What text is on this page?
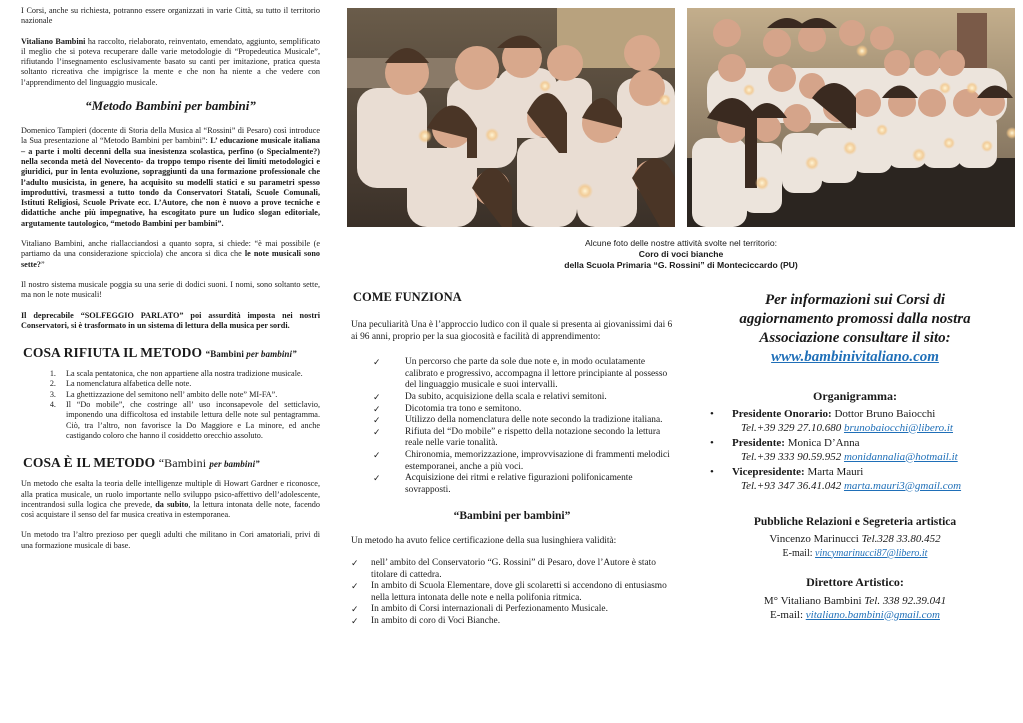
I Corsi, anche su richiesta, potranno essere organizzati in varie Città, su tutto il territorio nazionale

Vitaliano Bambini ha raccolto, rielaborato, reinventato, emendato, aggiunto, semplificato il meglio che si poteva recuperare dalle varie metodologie di “Propedeutica Musicale”, rifiutando l’insegnamento esclusivamente basato su canti per imitazione, pratica questa soltanto ricreativa che impigrisce la mente e che non ha niente a che vedere con l’apprendimento del linguaggio musicale.

“Metodo Bambini per bambini”

Domenico Tampieri (docente di Storia della Musica al “Rossini” di Pesaro) così introduce la Sua presentazione al “Metodo Bambini per bambini”: L’ educazione musicale italiana – a parte i molti decenni della sua inesistenza scolastica, perfino (o Specialmente?) nella seconda metà del Novecento- da troppo tempo risente dei limiti metodologici e giuridici, pur in lenta evoluzione, sopraggiunti da una formazione professionale che l’adulto musicista, in genere, ha acquisito su modelli statici e su parametri spesso improduttivi, trasmessi a tutto tondo da Conservatori Statali, Scuole Comunali, Istituti Religiosi, Scuole Private ecc. L’Autore, che non è nuovo a prove tecniche e didattiche anche più impegnative, ha escogitato pure un ludico slogan editoriale, argutamente tautologico, “metodo Bambini per bambini”.

Vitaliano Bambini, anche riallacciandosi a quanto sopra, si chiede: “è mai possibile (e partiamo da una considerazione spicciola) che ancora si dica che le note musicali sono sette?”

Il nostro sistema musicale poggia su una serie di dodici suoni. I nomi, sono soltanto sette, ma non le note musicali!

Il deprecabile “SOLFEGGIO PARLATO” poi assurdità imposta nei nostri Conservatori, si è trasformato in un sistema di lettura della musica per sordi.

COSA RIFIUTA IL METODO “Bambini per bambini”
1. La scala pentatonica, che non appartiene alla nostra tradizione musicale.
2. La nomenclatura alfabetica delle note.
3. La ghettizzazione del semitono nell’ ambito delle note” MI-FA”.
4. Il “Do mobile”, che costringe all’ uso inconsapevole del setticlavio, imponendo una difficoltosa ed instabile lettura delle note sul pentagramma. Ciò, tra l’altro, non favorisce la Do Maggiore e La minore, ed anche castigando coloro che hanno il cosiddetto orecchio assoluto.
COSA È IL METODO “Bambini per bambini”

Un metodo che esalta la teoria delle intelligenze multiple di Howart Gardner e riconosce, alla pratica musicale, un ruolo importante nello sviluppo psico-affettivo dell’adolescente, incentrandosi sulla logica che prevede, da subito, la lettura intonata delle note, facendo così acquistare il senso del far musica creativa in estemporanea.

Un metodo tra l’altro prezioso per quegli adulti che militano in Cori amatoriali, privi di una formazione musicale di base.

Alcune foto delle nostre attività svolte nel territorio:
Coro di voci bianche
della Scuola Primaria “G. Rossini” di Monteciccardo (PU)
COME FUNZIONA

Una peculiarità Una è l’approccio ludico con il quale si presenta ai giovanissimi dai 6 ai 96 anni, proprio per la sua giocosità e facilità di apprendimento:

✓	Un percorso che parte da sole due note e, in modo oculatamente calibrato e progressivo, accompagna il lettore principiante al possesso del linguaggio musicale e suoi intervalli.
✓	Da subito, acquisizione della scala e relativi semitoni.
✓	Dicotomia tra tono e semitono.
✓	Utilizzo della nomenclatura delle note secondo la tradizione italiana.
✓	Rifiuta del “Do mobile” e rispetto della notazione secondo la lettura reale nelle varie tonalità.
✓	Chironomia, memorizzazione, improvvisazione di frammenti melodici estemporanei, anche a più voci.
✓	Acquisizione dei ritmi e relative figurazioni polifonicamente sovrapposti.
“Bambini per bambini”

Un metodo ha avuto felice certificazione della sua lusinghiera validità:

✓ nell’ ambito del Conservatorio “G. Rossini” di Pesaro, dove l’Autore è stato titolare di cattedra.
✓ In ambito di Scuola Elementare, dove gli scolaretti si accendono di entusiasmo nella lettura intonata delle note e nella polifonia ritmica.
✓ In ambito di Corsi internazionali di Perfezionamento Musicale.
✓ In ambito di coro di Voci Bianche.
Per informazioni sui Corsi di
aggiornamento promossi dalla nostra
Associazione consultare il sito:
www.bambinivitaliano.com
Organigramma:
• Presidente Onorario: Dottor Bruno Baiocchi
Tel.+39 329 27.10.680 brunobaiocchi@libero.it
• Presidente: Monica D’Anna
Tel.+39 333 90.59.952 monidannalia@hotmail.it
• Vicepresidente: Marta Mauri
Tel.+93 347 36.41.042 marta.mauri3@gmail.com
Pubbliche Relazioni e Segreteria artistica
Vincenzo Marinucci Tel.328 33.80.452
E-mail: vincymarinucci87@libero.it
Direttore Artistico:
M° Vitaliano Bambini Tel. 338 92.39.041
E-mail: vitaliano.bambini@gmail.com
